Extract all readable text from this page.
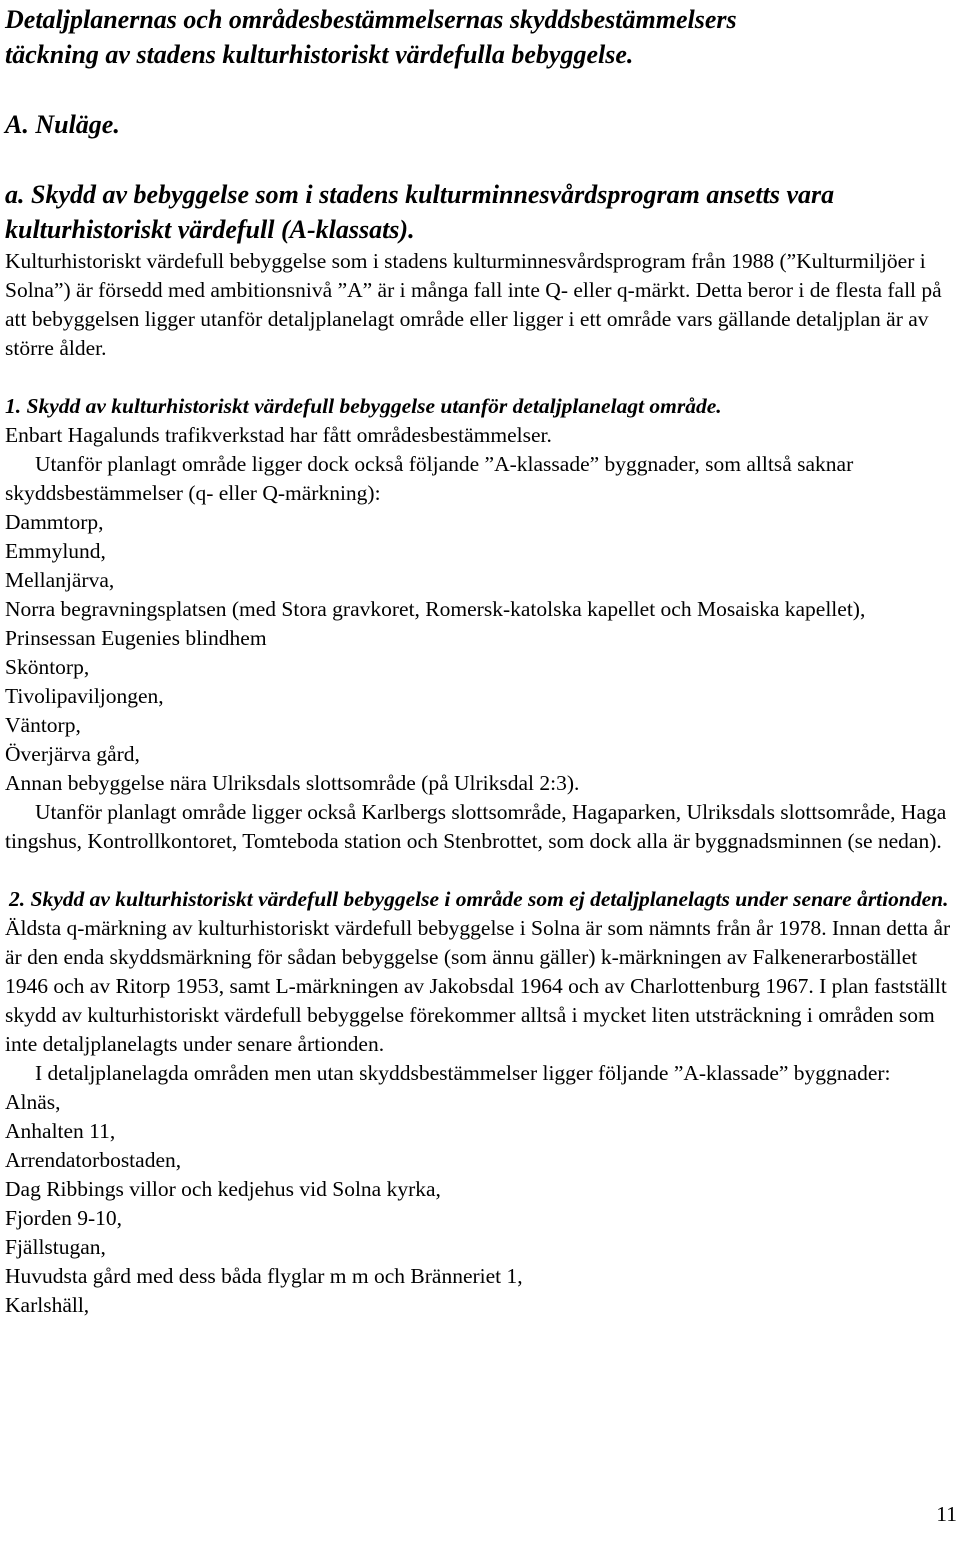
Detaljplanernas och områdesbestämmelsernas skyddsbestämmelsers
täckning av stadens kulturhistoriskt värdefulla bebyggelse.
A. Nuläge.
a. Skydd av bebyggelse som i stadens kulturminnesvårdsprogram ansetts vara
kulturhistoriskt värdefull (A-klassats).

Kulturhistoriskt värdefull bebyggelse som i stadens kulturminnesvårdsprogram från 1988 (”Kulturmiljöer i Solna”) är försedd med ambitionsnivå ”A” är i många fall inte Q- eller q-märkt. Detta beror i de flesta fall på att bebyggelsen ligger utanför detaljplanelagt område eller ligger i ett område vars gällande detaljplan är av större ålder.

1. Skydd av kulturhistoriskt värdefull bebyggelse utanför detaljplanelagt område.

Enbart Hagalunds trafikverkstad har fått områdesbestämmelser.

Utanför planlagt område ligger dock också följande ”A-klassade” byggnader, som alltså saknar skyddsbestämmelser (q- eller Q-märkning):

Dammtorp,
Emmylund,
Mellanjärva,
Norra begravningsplatsen (med Stora gravkoret, Romersk-katolska kapellet och Mosaiska kapellet),
Prinsessan Eugenies blindhem
Sköntorp,
Tivolipaviljongen,
Väntorp,
Överjärva gård,
Annan bebyggelse nära Ulriksdals slottsområde (på Ulriksdal 2:3).

Utanför planlagt område ligger också Karlbergs slottsområde, Hagaparken, Ulriksdals slottsområde, Haga tingshus, Kontrollkontoret, Tomteboda station och Stenbrottet, som dock alla är byggnadsminnen (se nedan).

2. Skydd av kulturhistoriskt värdefull bebyggelse i område som ej detaljplanelagts under senare årtionden.

Äldsta q-märkning av kulturhistoriskt värdefull bebyggelse i Solna är som nämnts från år 1978. Innan detta år är den enda skyddsmärkning för sådan bebyggelse (som ännu gäller) k-märkningen av Falkenerarbostället 1946 och av Ritorp 1953, samt L-märkningen av Jakobsdal 1964 och av Charlottenburg 1967. I plan fastställt skydd av kulturhistoriskt värdefull bebyggelse förekommer alltså i mycket liten utsträckning i områden som inte detaljplanelagts under senare årtionden.

I detaljplanelagda områden men utan skyddsbestämmelser ligger följande ”A-klassade” byggnader:

Alnäs,
Anhalten 11,
Arrendatorbostaden,
Dag Ribbings villor och kedjehus vid Solna kyrka,
Fjorden 9-10,
Fjällstugan,
Huvudsta gård med dess båda flyglar m m och Bränneriet 1,
Karlshäll,
11
